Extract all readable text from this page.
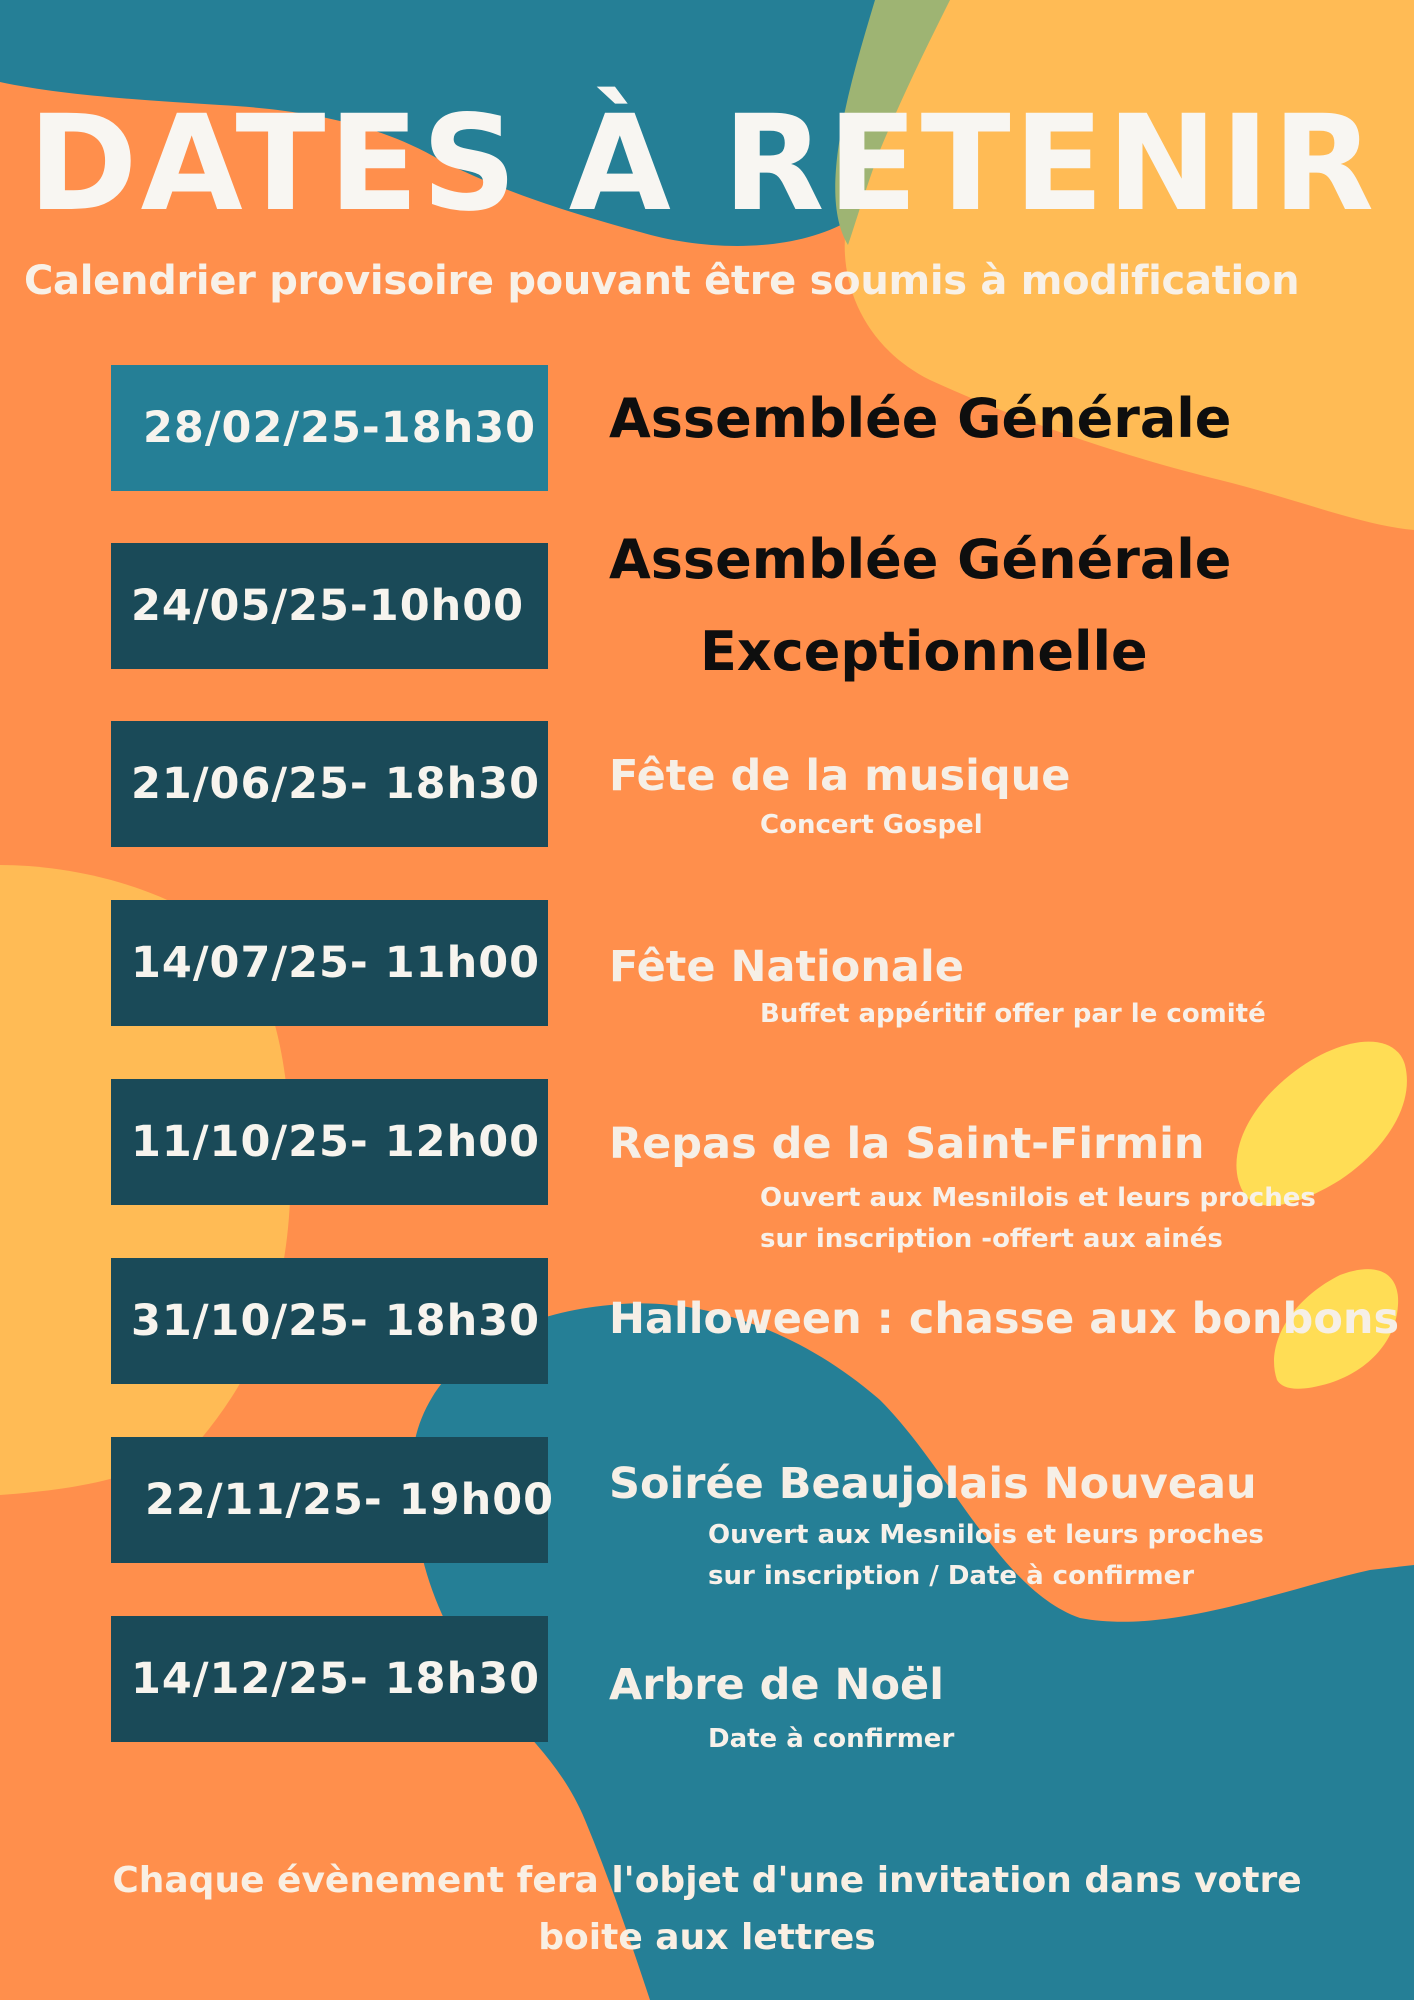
DATES À RETENIR

Calendrier provisoire pouvant être soumis à modification

28/02/25-18h30 Assemblée Générale

24/05/25-10h00

Assemblée Générale

Exceptionnelle

21/06/25- 18h30 Fête de la musique

Concert Gospel

14/07/25- 11h00 Fête Nationale

Buffet appéritif offer par le comité

11/10/25- 12h00 Repas de la Saint-Firmin

Ouvert aux Mesnilois et leurs proches

sur inscription -offert aux ainés

31/10/25- 18h30 Halloween : chasse aux bonbons

22/11/25- 19h00 Soirée Beaujolais Nouveau

Ouvert aux Mesnilois et leurs proches

sur inscription / Date à confirmer

14/12/25- 18h30 Arbre de Noël

Date à confirmer

Chaque évènement fera l'objet d'une invitation dans votre
boite aux lettres
